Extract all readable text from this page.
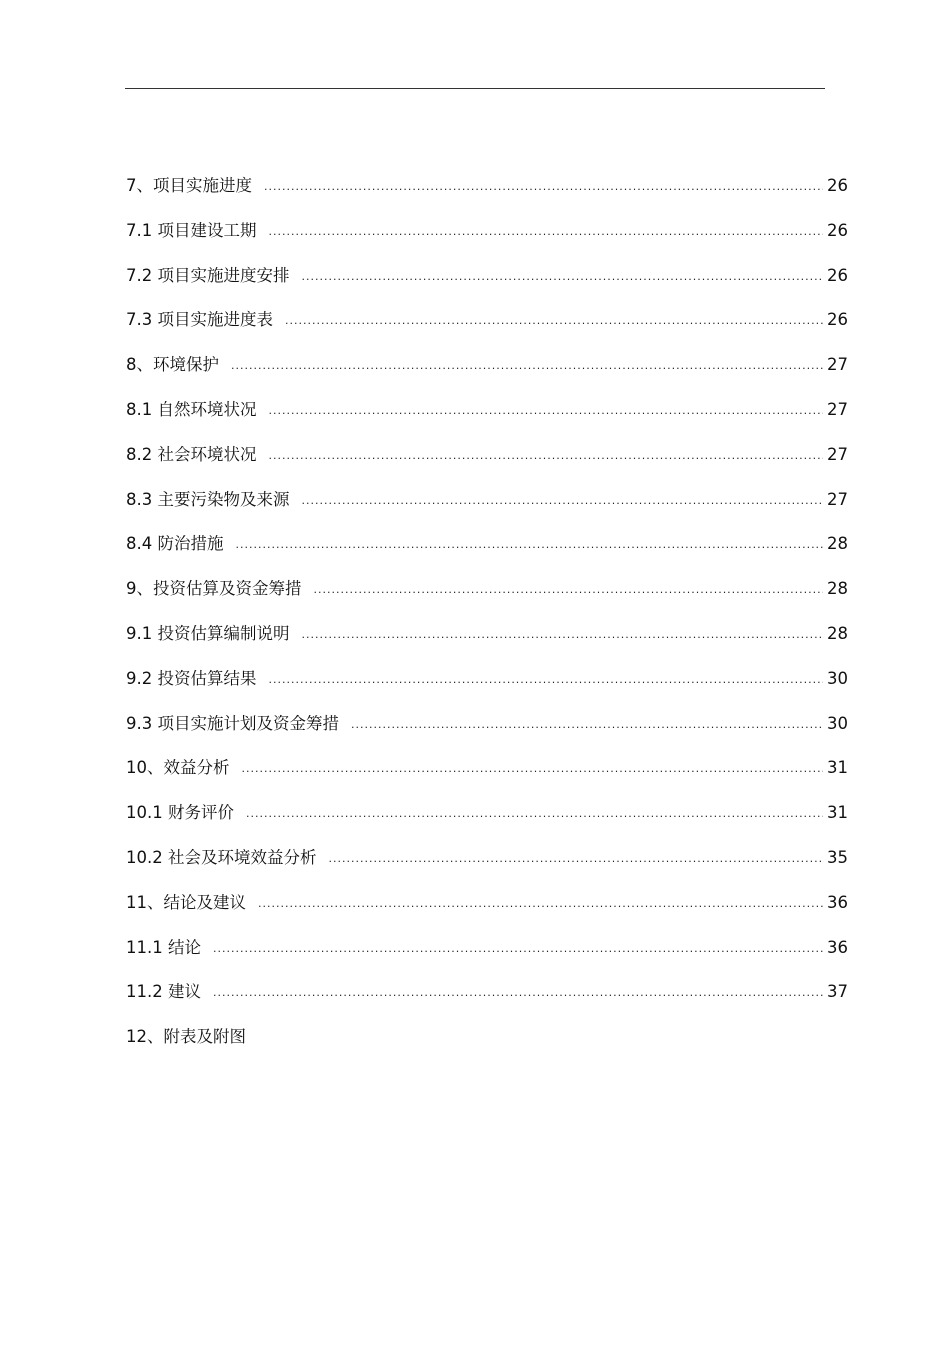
7、项目实施进度 .....	26
7.1 项目建设工期 .....	26
7.2 项目实施进度安排 .....	26
7.3 项目实施进度表 .....	26
8、环境保护 .....	27
8.1 自然环境状况 .....	27
8.2 社会环境状况 .....	27
8.3 主要污染物及来源 .....	27
8.4 防治措施 .....	28
9、投资估算及资金筹措 .....	28
9.1 投资估算编制说明 .....	28
9.2 投资估算结果 .....	30
9.3 项目实施计划及资金筹措 .....	30
10、效益分析 .....	31
10.1 财务评价 .....	31
10.2 社会及环境效益分析 .....	35
11、结论及建议 .....	36
11.1 结论 .....	36
11.2 建议 .....	37
12、附表及附图
